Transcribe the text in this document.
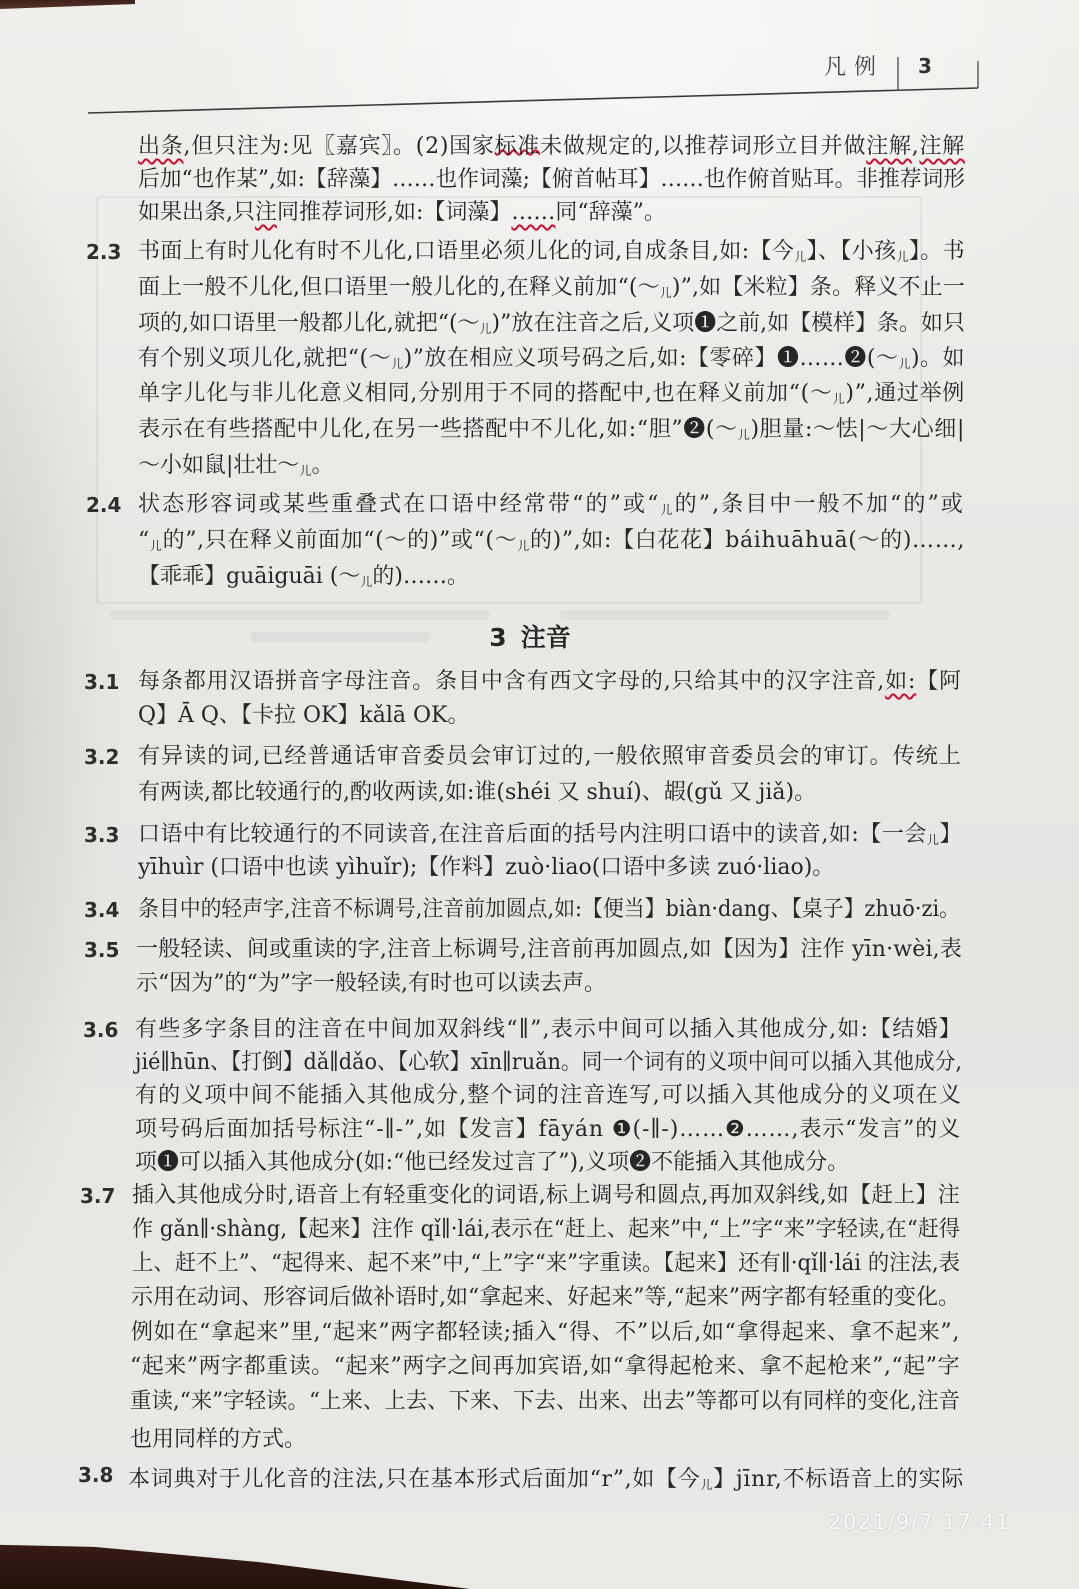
凡例 3
出条,但只注为:见〖嘉宾〗。(2)国家标准未做规定的,以推荐词形立目并做注解,注解
后加“也作某”,如:【辞藻】……也作词藻;【俯首帖耳】……也作俯首贴耳。非推荐词形
如果出条,只注同推荐词形,如:【词藻】……同“辞藻”。
2.3 书面上有时儿化有时不儿化,口语里必须儿化的词,自成条目,如:【今儿】、【小孩儿】。书
面上一般不儿化,但口语里一般儿化的,在释义前加“(～儿)”,如【米粒】条。释义不止一
项的,如口语里一般都儿化,就把“(～儿)”放在注音之后,义项❶之前,如【模样】条。如只
有个别义项儿化,就把“(～儿)”放在相应义项号码之后,如:【零碎】❶……❷(～儿)。如
单字儿化与非儿化意义相同,分别用于不同的搭配中,也在释义前加“(～儿)”,通过举例
表示在有些搭配中儿化,在另一些搭配中不儿化,如:“胆”❷(～儿)胆量:～怯|～大心细|
～小如鼠|壮壮～儿。
2.4 状态形容词或某些重叠式在口语中经常带“的”或“儿的”,条目中一般不加“的”或
“儿的”,只在释义前面加“(～的)”或“(～儿的)”,如:【白花花】báihuāhuā(～的)……,
【乖乖】guāiguāi (～儿的)……。
3 注音
3.1 每条都用汉语拼音字母注音。条目中含有西文字母的,只给其中的汉字注音,如:【阿
Q】Ā Q、【卡拉 OK】kǎlā OK。
3.2 有异读的词,已经普通话审音委员会审订过的,一般依照审音委员会的审订。传统上
有两读,都比较通行的,酌收两读,如:谁(shéi 又 shuí)、嘏(gǔ 又 jiǎ)。
3.3 口语中有比较通行的不同读音,在注音后面的括号内注明口语中的读音,如:【一会儿】
yīhuìr (口语中也读 yìhuǐr);【作料】zuò·liao(口语中多读 zuó·liao)。
3.4 条目中的轻声字,注音不标调号,注音前加圆点,如:【便当】biàn·dang、【桌子】zhuō·zi。
3.5 一般轻读、间或重读的字,注音上标调号,注音前再加圆点,如【因为】注作 yīn·wèi,表
示“因为”的“为”字一般轻读,有时也可以读去声。
3.6 有些多字条目的注音在中间加双斜线“∥”,表示中间可以插入其他成分,如:【结婚】
jié∥hūn、【打倒】dǎ∥dǎo、【心软】xīn∥ruǎn。同一个词有的义项中间可以插入其他成分,
有的义项中间不能插入其他成分,整个词的注音连写,可以插入其他成分的义项在义
项号码后面加括号标注“-∥-”,如【发言】fāyán ❶(-∥-)……❷……,表示“发言”的义
项❶可以插入其他成分(如:“他已经发过言了”),义项❷不能插入其他成分。
3.7 插入其他成分时,语音上有轻重变化的词语,标上调号和圆点,再加双斜线,如【赶上】注
作 gǎn∥·shàng,【起来】注作 qǐ∥·lái,表示在“赶上、起来”中,“上”字“来”字轻读,在“赶得
上、赶不上”、“起得来、起不来”中,“上”字“来”字重读。【起来】还有∥·qǐ∥·lái 的注法,表
示用在动词、形容词后做补语时,如“拿起来、好起来”等,“起来”两字都有轻重的变化。
例如在“拿起来”里,“起来”两字都轻读;插入“得、不”以后,如“拿得起来、拿不起来”,
“起来”两字都重读。“起来”两字之间再加宾语,如“拿得起枪来、拿不起枪来”,“起”字
重读,“来”字轻读。“上来、上去、下来、下去、出来、出去”等都可以有同样的变化,注音
也用同样的方式。
3.8 本词典对于儿化音的注法,只在基本形式后面加“r”,如【今儿】jīnr,不标语音上的实际
2021/9/7 17:41
